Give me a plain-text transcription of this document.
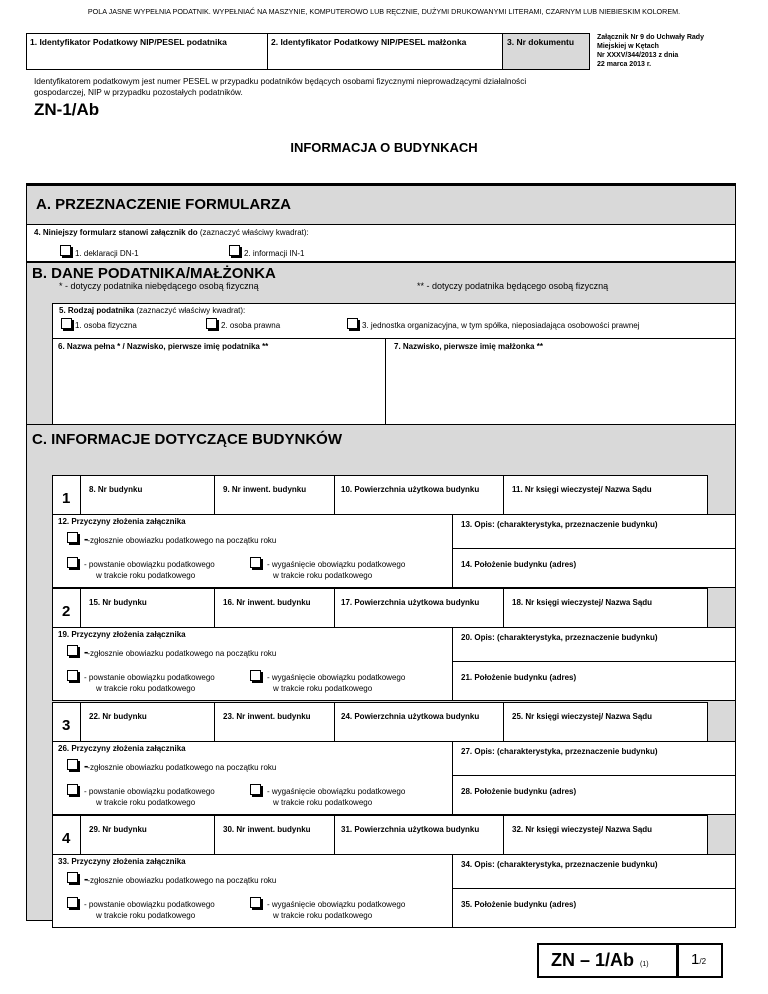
POLA JASNE WYPEŁNIA PODATNIK. WYPEŁNIAĆ NA MASZYNIE, KOMPUTEROWO LUB RĘCZNIE, DUŻYMI DRUKOWANYMI LITERAMI, CZARNYM LUB NIEBIESKIM KOLOREM.
1. Identyfikator Podatkowy NIP/PESEL podatnika	2. Identyfikator Podatkowy NIP/PESEL małżonka	3. Nr dokumentu	Załącznik Nr 9 do Uchwały Rady
Miejskiej w Kętach
Nr XXXV/344/2013 z dnia
22 marca 2013 r.
Identyfikatorem podatkowym jest numer PESEL w przypadku podatników będących osobami fizycznymi nieprowadzącymi działalności
gospodarczej, NIP w przypadku pozostałych podatników.
ZN-1/Ab
INFORMACJA O BUDYNKACH
A. PRZEZNACZENIE FORMULARZA
4. Niniejszy formularz stanowi załącznik do (zaznaczyć właściwy kwadrat):
1. deklaracji DN-1	2. informacji IN-1
B. DANE PODATNIKA/MAŁŻONKA
* - dotyczy podatnika niebędącego osobą fizyczną	** - dotyczy podatnika będącego osobą fizyczną
5. Rodzaj podatnika (zaznaczyć właściwy kwadrat):
1. osoba fizyczna	2. osoba prawna	3. jednostka organizacyjna, w tym spółka, nieposiadająca osobowości prawnej
6. Nazwa pełna * / Nazwisko, pierwsze imię podatnika **	7. Nazwisko, pierwsze imię małżonka **
C. INFORMACJE DOTYCZĄCE BUDYNKÓW
1
8. Nr budynku	9. Nr inwent. budynku	10. Powierzchnia użytkowa budynku	11. Nr księgi wieczystej/ Nazwa Sądu
12. Przyczyny złożenia załącznika
--zgłosznie obowiazku podatkowego na początku roku
- powstanie obowiązku podatkowego
w trakcie roku podatkowego
- wygaśnięcie obowiązku podatkowego
w trakcie roku podatkowego
13. Opis: (charakterystyka, przeznaczenie budynku)
14. Położenie budynku (adres)
2
15. Nr budynku	16. Nr inwent. budynku	17. Powierzchnia użytkowa budynku	18. Nr księgi wieczystej/ Nazwa Sądu
19. Przyczyny złożenia załącznika
--zgłosznie obowiazku podatkowego na początku roku
- powstanie obowiązku podatkowego
w trakcie roku podatkowego
- wygaśnięcie obowiązku podatkowego
w trakcie roku podatkowego
20. Opis: (charakterystyka, przeznaczenie budynku)
21. Położenie budynku (adres)
3
22. Nr budynku	23. Nr inwent. budynku	24. Powierzchnia użytkowa budynku	25. Nr księgi wieczystej/ Nazwa Sądu
26. Przyczyny złożenia załącznika
--zgłosznie obowiazku podatkowego na początku roku
- powstanie obowiązku podatkowego
w trakcie roku podatkowego
- wygaśnięcie obowiązku podatkowego
w trakcie roku podatkowego
27. Opis: (charakterystyka, przeznaczenie budynku)
28. Położenie budynku (adres)
4
29. Nr budynku	30. Nr inwent. budynku	31. Powierzchnia użytkowa budynku	32. Nr księgi wieczystej/ Nazwa Sądu
33. Przyczyny złożenia załącznika
--zgłosznie obowiazku podatkowego na początku roku
- powstanie obowiązku podatkowego
w trakcie roku podatkowego
- wygaśnięcie obowiązku podatkowego
w trakcie roku podatkowego
34. Opis: (charakterystyka, przeznaczenie budynku)
35. Położenie budynku (adres)
ZN – 1/Ab (1)	1/2
